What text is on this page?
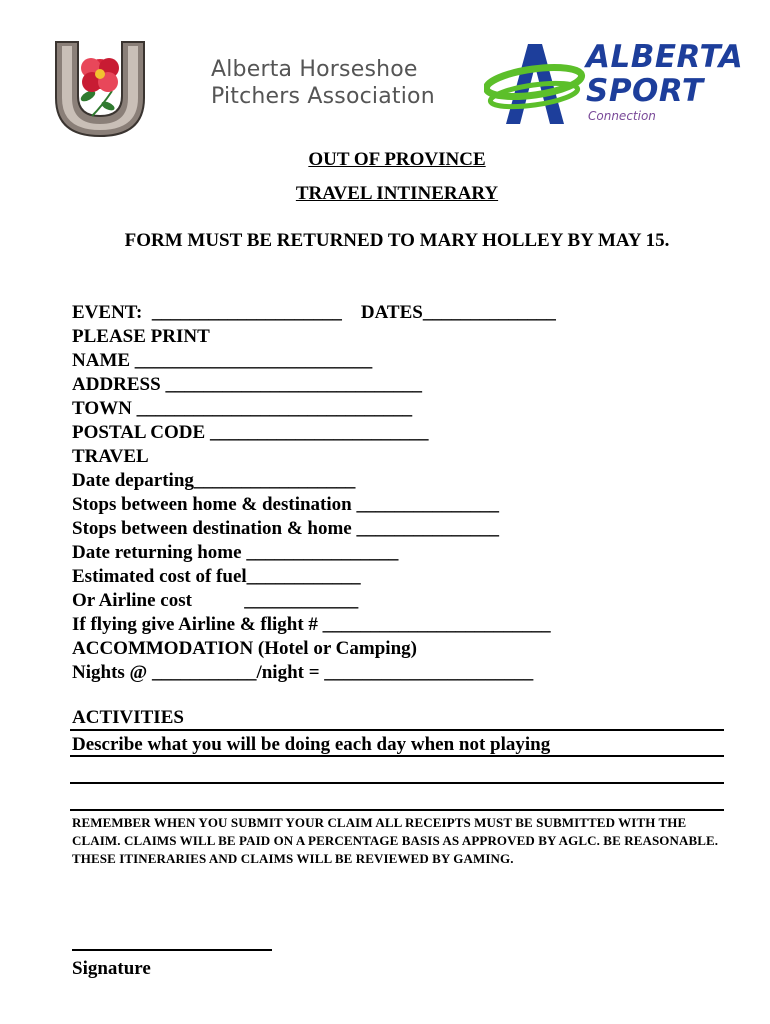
Alberta Horseshoe
Pitchers Association
ALBERTA
SPORT
Connection
OUT OF PROVINCE
TRAVEL INTINERARY
FORM MUST BE RETURNED TO MARY HOLLEY BY MAY 15.
EVENT:  ____________________    DATES______________
PLEASE PRINT
NAME _________________________
ADDRESS ___________________________
TOWN _____________________________
POSTAL CODE _______________________
TRAVEL
Date departing_________________
Stops between home & destination _______________
Stops between destination & home _______________
Date returning home ________________
Estimated cost of fuel____________
Or Airline cost           ____________
If flying give Airline & flight # ________________________
ACCOMMODATION (Hotel or Camping)
Nights @ ___________/night = ______________________
ACTIVITIES
Describe what you will be doing each day when not playing
REMEMBER WHEN YOU SUBMIT YOUR CLAIM ALL RECEIPTS MUST BE SUBMITTED WITH THE CLAIM. CLAIMS WILL BE PAID ON A PERCENTAGE BASIS AS APPROVED BY AGLC. BE REASONABLE. THESE ITINERARIES AND CLAIMS WILL BE REVIEWED BY GAMING.
Signature
